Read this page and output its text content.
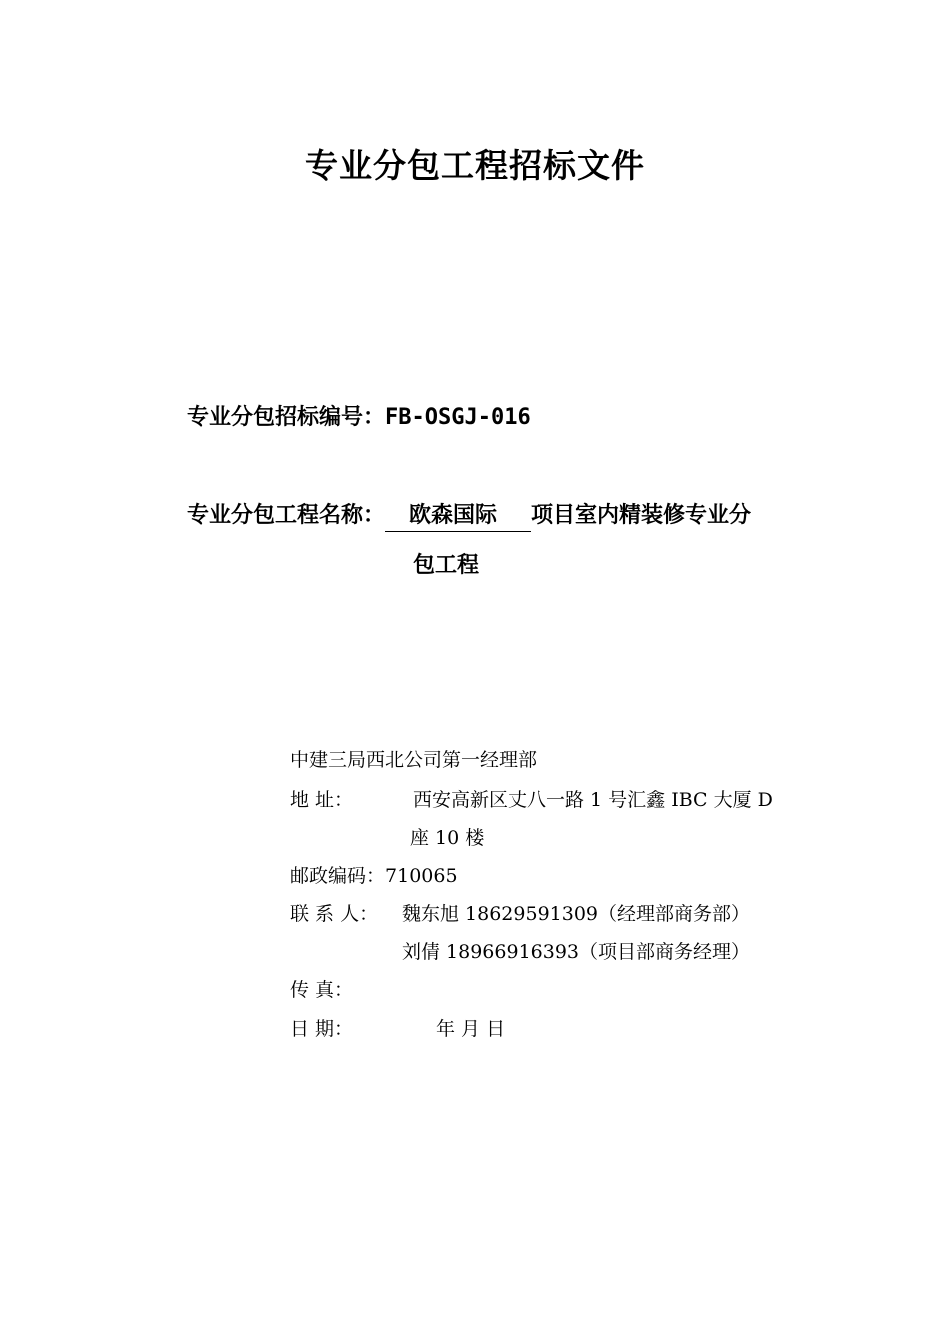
专业分包工程招标文件
专业分包招标编号：FB-OSGJ-016
专业分包工程名称： 欧森国际 项目室内精装修专业分
包工程
中建三局西北公司第一经理部
地 址：	西安高新区丈八一路 1 号汇鑫 IBC 大厦 D
座 10 楼
邮政编码：710065
联 系 人： 魏东旭 18629591309（经理部商务部）
刘倩 18966916393（项目部商务经理）
传 真：
日 期：	年 月 日
